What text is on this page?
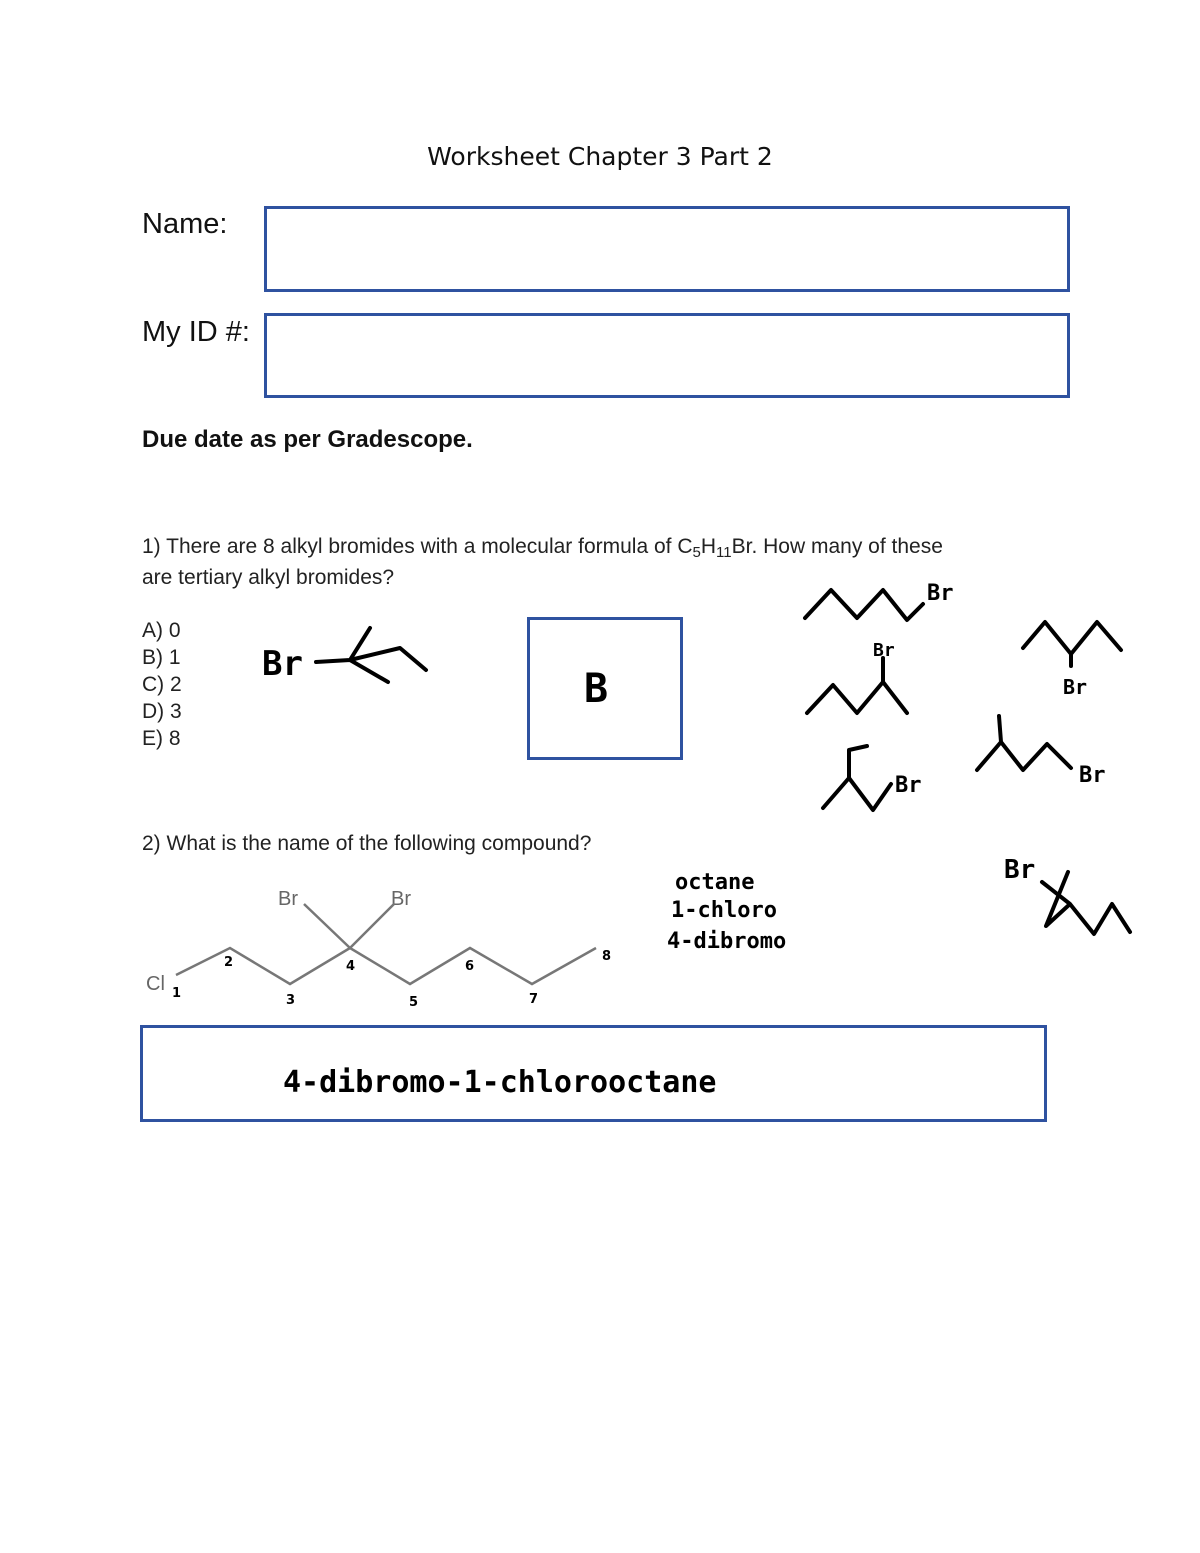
Worksheet Chapter 3 Part 2
Name:
My ID #:
Due date as per Gradescope.
1) There are 8 alkyl bromides with a molecular formula of $C_5H_{11}Br$. How many of these
are tertiary alkyl bromides?
A) 0
B) 1
C) 2
D) 3
E) 8
B
Br
Br
Br
Br
Br	Br
2) What is the name of the following compound?
Cl
Br	Br
1
2
3
4
5
6
7
8
octane
1-chloro
4-dibromo
Br
4-dibromo-1-chlorooctane
